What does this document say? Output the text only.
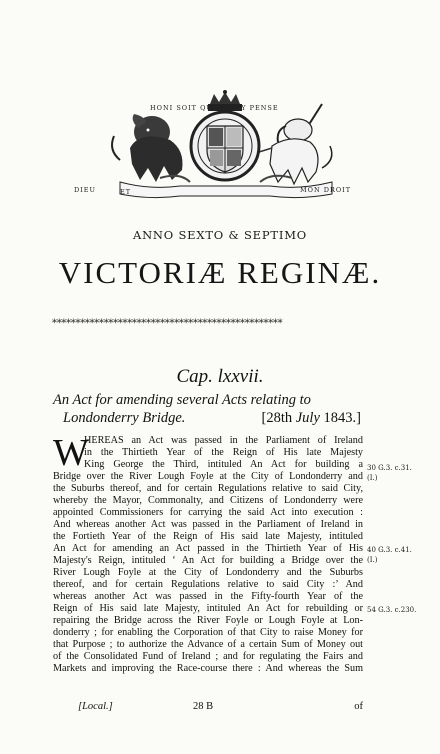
HONI SOIT QUI MAL Y PENSE
DIEU	ET	MON DROIT
ANNO SEXTO & SEPTIMO
VICTORIÆ REGINÆ.
*************************************************
Cap. lxxvii.
An Act for amending several Acts relating to
Londonderry Bridge.	[28th July 1843.]
W
HEREAS an Act was passed in the Parliament of Ireland
in the Thirtieth Year of the Reign of His late Majesty
King George the Third, intituled An Act for building a
Bridge over the River Lough Foyle at the City of Londonderry and
the Suburbs thereof, and for certain Regulations relative to said City,
whereby the Mayor, Commonalty, and Citizens of Londonderry were
appointed Commissioners for carrying the said Act into execution :
And whereas another Act was passed in the Parliament of Ireland in
the Fortieth Year of the Reign of His said late Majesty, intituled
An Act for amending an Act passed in the Thirtieth Year of His
Majesty's Reign, intituled ‘ An Act for building a Bridge over the
River Lough Foyle at the City of Londonderry and the Suburbs
thereof, and for certain Regulations relative to said City :’ And
whereas another Act was passed in the Fifty-fourth Year of the
Reign of His said late Majesty, intituled An Act for rebuilding or
repairing the Bridge across the River Foyle or Lough Foyle at Lon-
donderry ; for enabling the Corporation of that City to raise Money for
that Purpose ; to authorize the Advance of a certain Sum of Money out
of the Consolidated Fund of Ireland ; and for regulating the Fairs and
Markets and improving the Race-course there : And whereas the Sum
30 G.3. c.31.
(I.)
40 G.3. c.41.
(I.)
54 G.3. c.230.
[Local.]	28 B	of
